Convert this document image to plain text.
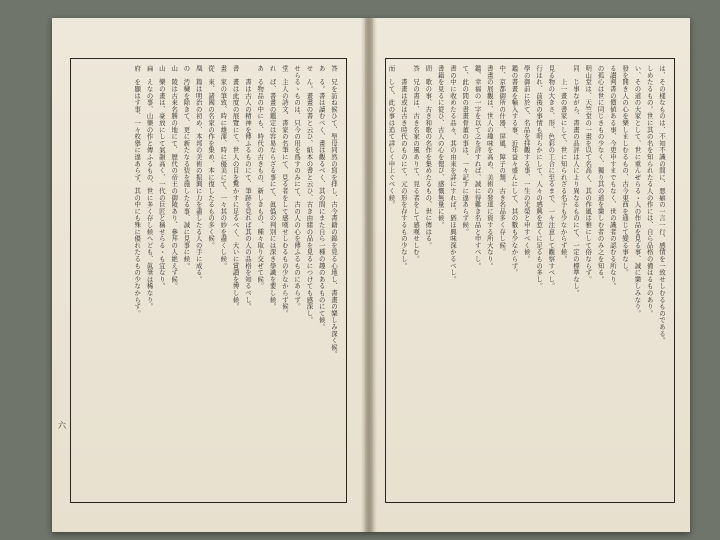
答　兄を訪ね候ひて、聖母同然の寫を拝し、古今書籍の錦を見る心地し、書畫の樂しみ深く候。
あ　る。書は讀むべく、畫は觀るべく、其の間にまた自ら一種の趣のあるものにて候。
せ　ん。畫畫の書と云ひ、紙本の書と云ひ、古き由緒の品を見るにつけても感深し。
せらるゝものは、只今の用を爲すのみにて、古の人の心を傳ふるものにあらず。
堂　主人の詩文、書家の名筆にて、見る者をして感嘆せしむるもの少なからず候。
れ　ば、書畫の鑑定は容易ならざる事にて、眞僞の判別には深き學識を要し候。
あ　る物品の中にも、時代の古きもの、新しきもの、種々取り交ぜて候。
　　書は古人の精神を傳ふるものにて、筆跡を見れば其の人の品格を知るべし。
書　畫は此度の展覽にて、世人の目を驚かすに足るべく、大いに賞讃を博し候。
畫　家の筆致、時に雄渾、時に優美にて、一々其の妙を盡くし候。
從　來、諸國の名家の作を集め、本に復したるもの多く候。
凰　篇は明治の初め、本邦の美術の振興に力を盡したる人の手に成る。
の　汚穢を除きて、更に新たなる装を施したる事、誠に見事に候。
山　陵は古來名勝の地にて、歴代の帝王の御陵あり、參拜の人絶えず候。
山　樂の畫は、豪放にして氣韻高く、一代の巨匠と稱せらるゝも宜なり。
扁　えなの事、山樂の作と傳ふるもの、世に多く存し候へども、眞筆は稀なり。
府　を顯はす事、一々枚擧に遑あらず、其の中にも殊に優れたるもの少なからず。
六
は、その樣なものは、不知不識の間に、悪癖の一言一行、感情を一致せしむるものである。
しめたるもの。世に其の名を知られたる人の作には、自ら品格の備はるものあり。
い、その道の大家として、世に重んぜらるゝ人の作品を見る事、誠に樂しみなり。
發を開き人の心を樂しましむるもの、古今東西を通じて變る事なし。
る讃判書の價値ある事、今更申すまでもなく、世の識者の認むる所なり。
の孤心は世に同じきもの少なく、獨り其の道を樂しむ者のみ之を知る。
明山堂は、天竺堂の一畫を以て名高く、其の作風は雅にして俗ならず。
同　じ事ながら、書畫の品評は人により異なるものにて、一定の標準なし。
　　上一畫の書家にして、世に知られざる名手も少なからず候。
見る物の大きさ、形、色彩の工合に至るまで、一々注意して觀察すべし。
行はれ、前後の事情も明らかにして、人々の感興を惹くに足るもの多し。
學の御前に於て、名品を拝觀する事、一生の光榮と申すべく候。
鑑の書畫を輸入する事、近年益々盛んにして、其の數も少なからず。
中、京都御所の什器、屏風、障子の類、古き名品多く存し候。
書畫の展觀は、世人の趣味を高め、美術の發達に資する所大なり。
鑑、幸福の一字を以て之を評すれば、誠に得難き名品と申すべし。
て、此の間の書畫骨董の事は、一々記すに遑あらず候。
書の中に收めたる品々、其の由來を詳にすれば、猶ほ興味深かるべし。
書籍を見るに從ひ、古人の心を偲び、感慨無量に候。
問　歌の事、古き和歌の名作を集めたるもの、世に傳はる。
答　兄の書は、古き名家の風ありて、見る者をして感嘆せしむ。
　　書畫は或は古き時代のものにて、元の形を存するもの少なし。
而　して、此の事は追て詳しく申上ぐべく候。
